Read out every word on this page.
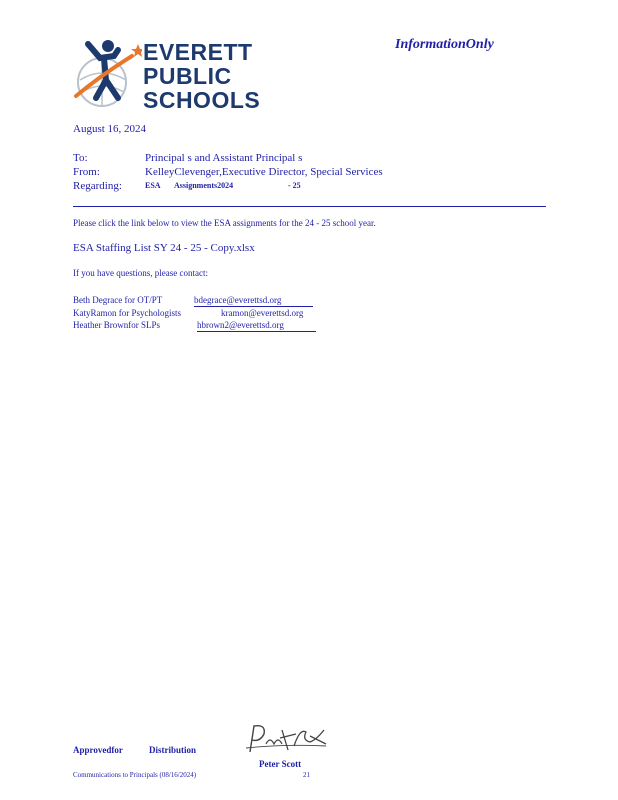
EVERETT
PUBLIC
SCHOOLS
InformationOnly
August 16, 2024
To:	Principal s and Assistant Principal s
From:	KelleyClevenger,Executive Director, Special Services
Regarding:	ESA Assignments2024	- 25
Please click the link below to view the ESA assignments for the 24 - 25 school year.
ESA Staffing List SY 24 - 25 - Copy.xlsx
If you have questions, please contact:
Beth Degrace for OT/PT	bdegrace@everettsd.org
KatyRamon for Psychologists	kramon@everettsd.org
Heather Brownfor SLPs	hbrown2@everettsd.org
Approvedfor	Distribution
Peter Scott
Communications to Principals (08/16/2024)	21
